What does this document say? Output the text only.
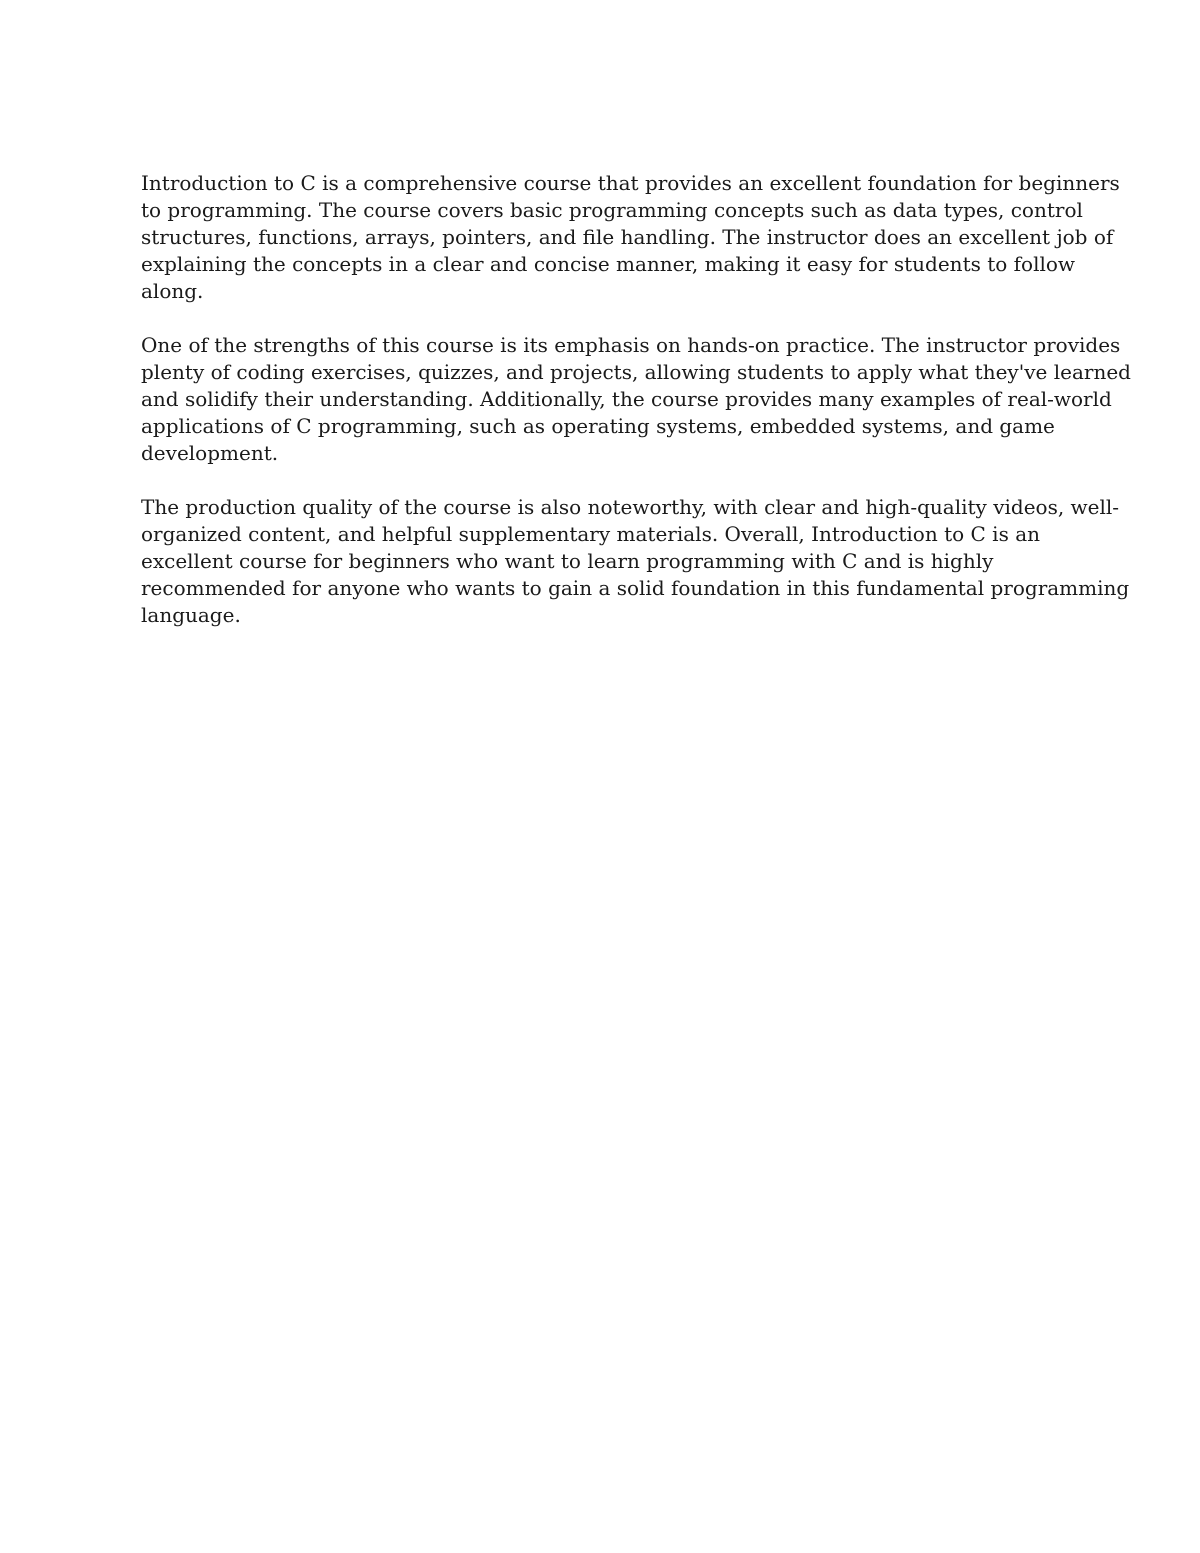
Introduction to C is a comprehensive course that provides an excellent foundation for beginners
to programming. The course covers basic programming concepts such as data types, control
structures, functions, arrays, pointers, and file handling. The instructor does an excellent job of
explaining the concepts in a clear and concise manner, making it easy for students to follow
along.

One of the strengths of this course is its emphasis on hands-on practice. The instructor provides
plenty of coding exercises, quizzes, and projects, allowing students to apply what they've learned
and solidify their understanding. Additionally, the course provides many examples of real-world
applications of C programming, such as operating systems, embedded systems, and game
development.

The production quality of the course is also noteworthy, with clear and high-quality videos, well-
organized content, and helpful supplementary materials. Overall, Introduction to C is an
excellent course for beginners who want to learn programming with C and is highly
recommended for anyone who wants to gain a solid foundation in this fundamental programming
language.
